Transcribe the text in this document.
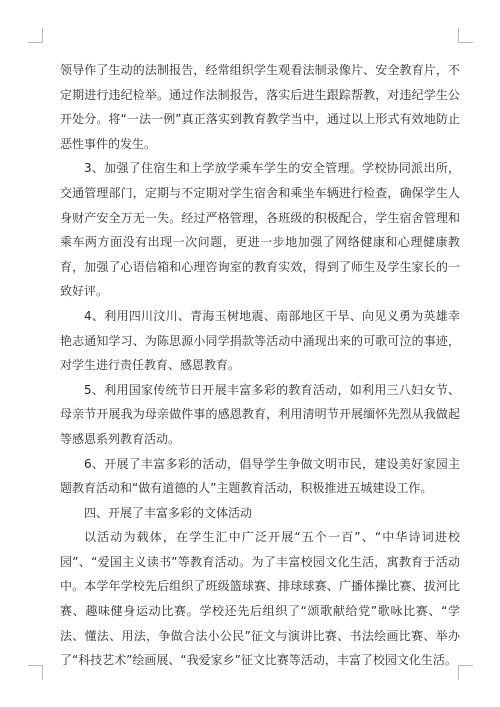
领导作了生动的法制报告，经常组织学生观看法制录像片、安全教育片，不定期进行违纪检举。通过作法制报告，落实后进生跟踪帮教，对违纪学生公开处分。将“一法一例”真正落实到教育教学当中，通过以上形式有效地防止恶性事件的发生。

3、加强了住宿生和上学放学乘车学生的安全管理。学校协同派出所，交通管理部门，定期与不定期对学生宿舍和乘坐车辆进行检查，确保学生人身财产安全万无一失。经过严格管理，各班级的积极配合，学生宿舍管理和乘车两方面没有出现一次问题，更进一步地加强了网络健康和心理健康教育，加强了心语信箱和心理咨询室的教育实效，得到了师生及学生家长的一致好评。

4、利用四川汶川、青海玉树地震、南部地区干旱、向见义勇为英雄幸艳志通知学习、为陈思源小同学捐款等活动中涌现出来的可歌可泣的事迹，对学生进行责任教育、感恩教育。

5、利用国家传统节日开展丰富多彩的教育活动，如利用三八妇女节、母亲节开展我为母亲做件事的感恩教育，利用清明节开展缅怀先烈从我做起等感恩系列教育活动。

6、开展了丰富多彩的活动，倡导学生争做文明市民，建设美好家园主题教育活动和“做有道德的人”主题教育活动，积极推进五城建设工作。

四、开展了丰富多彩的文体活动

以活动为载体，在学生汇中广泛开展“五个一百”、“中华诗词进校园”、“爱国主义读书”等教育活动。为了丰富校园文化生活，寓教育于活动中。本学年学校先后组织了班级篮球赛、排球球赛、广播体操比赛、拔河比赛、趣味健身运动比赛。学校还先后组织了“颂歌献给党”歌咏比赛、“学法、懂法、用法，争做合法小公民”征文与演讲比赛、书法绘画比赛、举办了“科技艺术”绘画展、“我爱家乡”征文比赛等活动，丰富了校园文化生活。
